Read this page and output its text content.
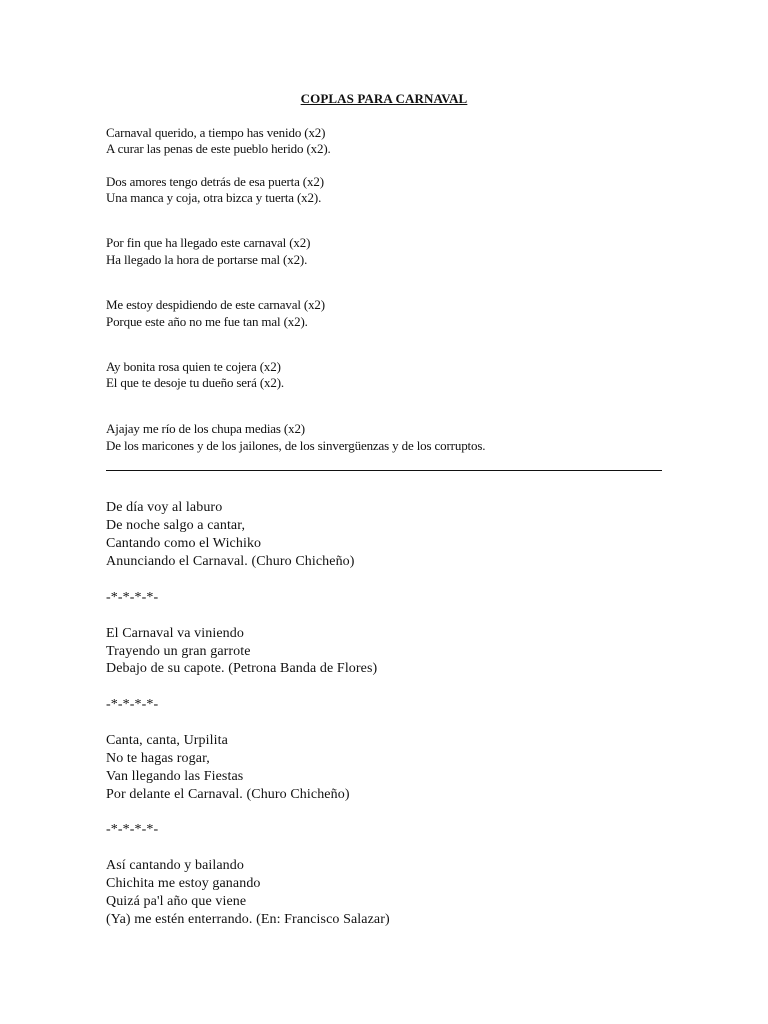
COPLAS PARA CARNAVAL
Carnaval querido, a tiempo has venido (x2)
A curar las penas de este pueblo herido (x2).
Dos amores tengo detrás de esa puerta (x2)
Una manca y coja, otra bizca y tuerta (x2).
Por fin que ha llegado este carnaval (x2)
Ha llegado la hora de portarse mal (x2).
Me estoy despidiendo de este carnaval (x2)
Porque este año no me fue tan mal (x2).
Ay bonita rosa quien te cojera (x2)
El que te desoje tu dueño será (x2).
Ajajay me río de los chupa medias (x2)
De los maricones y de los jailones, de los sinvergüenzas y de los corruptos.
De día voy al laburo
De noche salgo a cantar,
Cantando como el Wichiko
Anunciando el Carnaval. (Churo Chicheño)
-*-*-*-*-
El Carnaval va viniendo
Trayendo un gran garrote
Debajo de su capote. (Petrona Banda de Flores)
-*-*-*-*-
Canta, canta, Urpilita
No te hagas rogar,
Van llegando las Fiestas
Por delante el Carnaval. (Churo Chicheño)
-*-*-*-*-
Así cantando y bailando
Chichita me estoy ganando
Quizá pa'l año que viene
(Ya) me estén enterrando. (En: Francisco Salazar)
